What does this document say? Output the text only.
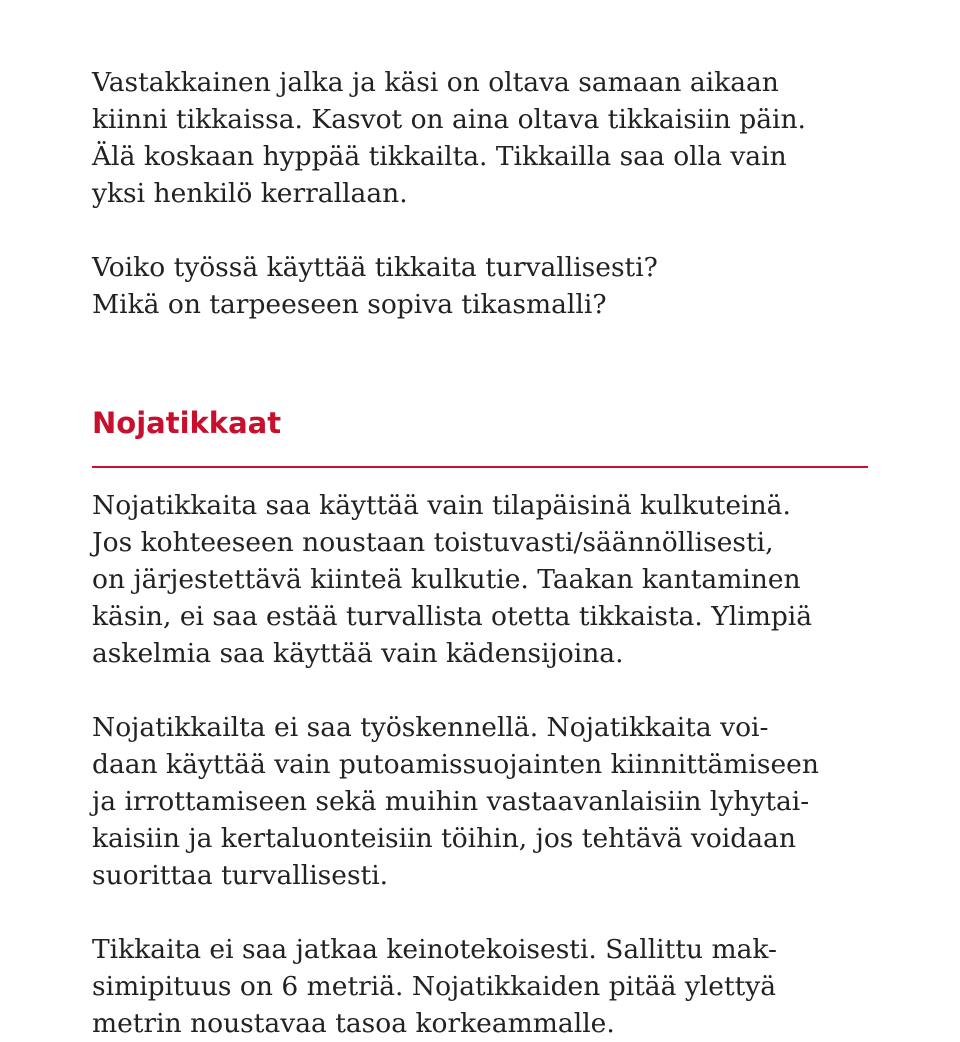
Vastakkainen jalka ja käsi on oltava samaan aikaan
kiinni tikkaissa. Kasvot on aina oltava tikkaisiin päin.
Älä koskaan hyppää tikkailta. Tikkailla saa olla vain
yksi henkilö kerrallaan.

Voiko työssä käyttää tikkaita turvallisesti?
Mikä on tarpeeseen sopiva tikasmalli?

Nojatikkaat

Nojatikkaita saa käyttää vain tilapäisinä kulkuteinä.
Jos kohteeseen noustaan toistuvasti/säännöllisesti,
on järjestettävä kiinteä kulkutie. Taakan kantaminen
käsin, ei saa estää turvallista otetta tikkaista. Ylimpiä
askelmia saa käyttää vain kädensijoina.

Nojatikkailta ei saa työskennellä. Nojatikkaita voi-
daan käyttää vain putoamissuojainten kiinnittämiseen
ja irrottamiseen sekä muihin vastaavanlaisiin lyhytai-
kaisiin ja kertaluonteisiin töihin, jos tehtävä voidaan
suorittaa turvallisesti.

Tikkaita ei saa jatkaa keinotekoisesti. Sallittu mak-
simipituus on 6 metriä. Nojatikkaiden pitää ylettyä
metrin noustavaa tasoa korkeammalle.
